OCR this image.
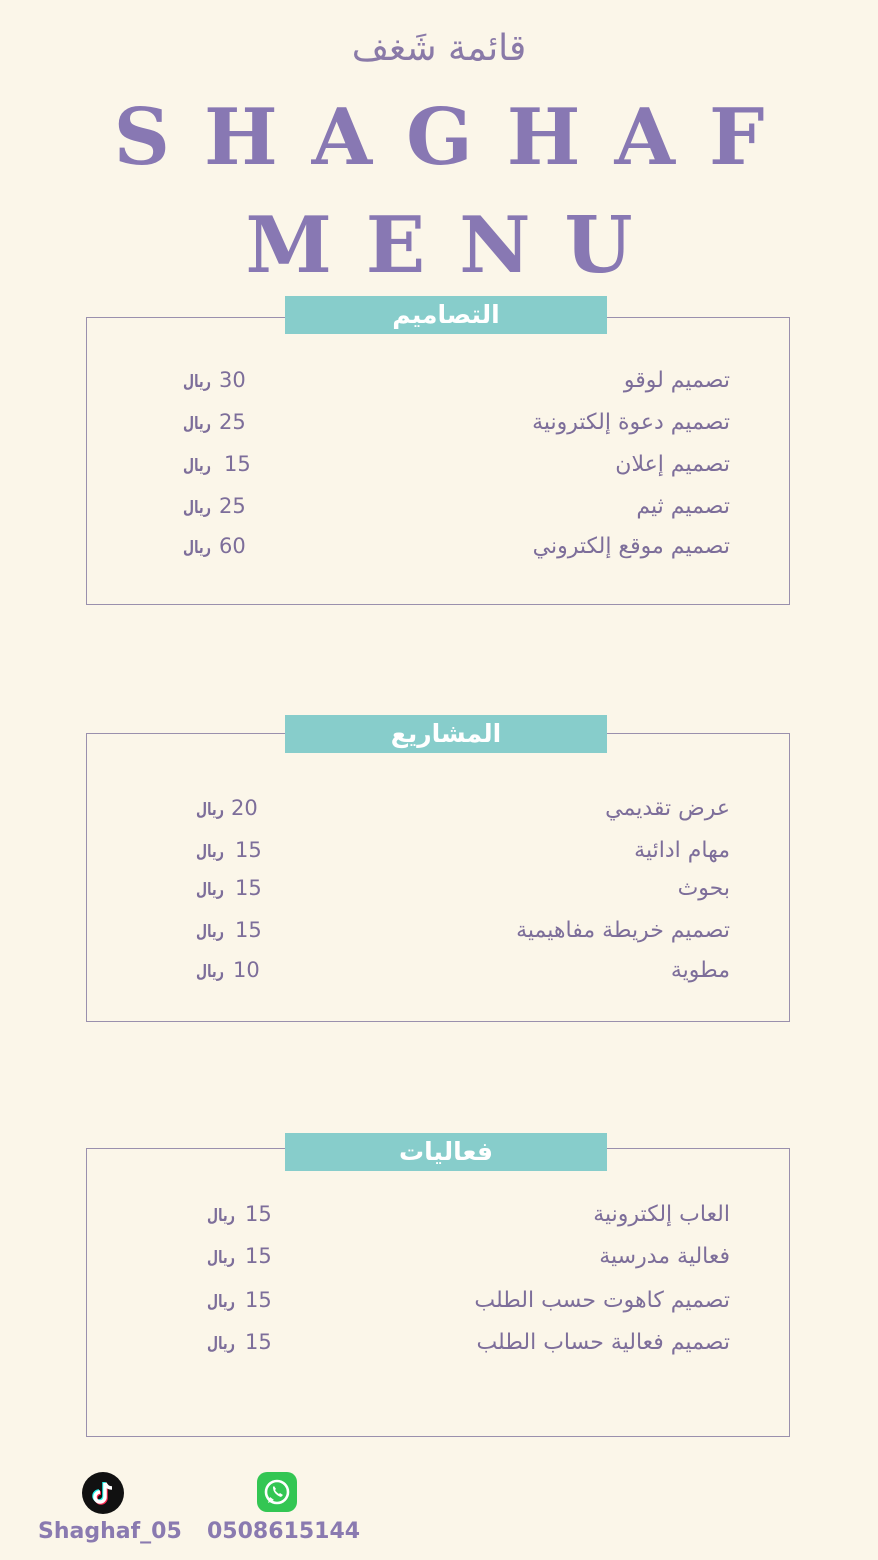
قائمة شَغف
SHAGHAF
MENU
التصاميم
تصميم لوقو
30
ريال
تصميم دعوة إلكترونية
25
ريال
تصميم إعلان
15
ريال
تصميم ثيم
25
ريال
تصميم موقع إلكتروني
60
ريال
المشاريع
عرض تقديمي
20
ريال
مهام ادائية
15
ريال
بحوث
15
ريال
تصميم خريطة مفاهيمية
15
ريال
مطوية
10
ريال
فعاليات
العاب إلكترونية
15
ريال
فعالية مدرسية
15
ريال
تصميم كاهوت حسب الطلب
15
ريال
تصميم فعالية حساب الطلب
15
ريال
Shaghaf_05 0508615144
